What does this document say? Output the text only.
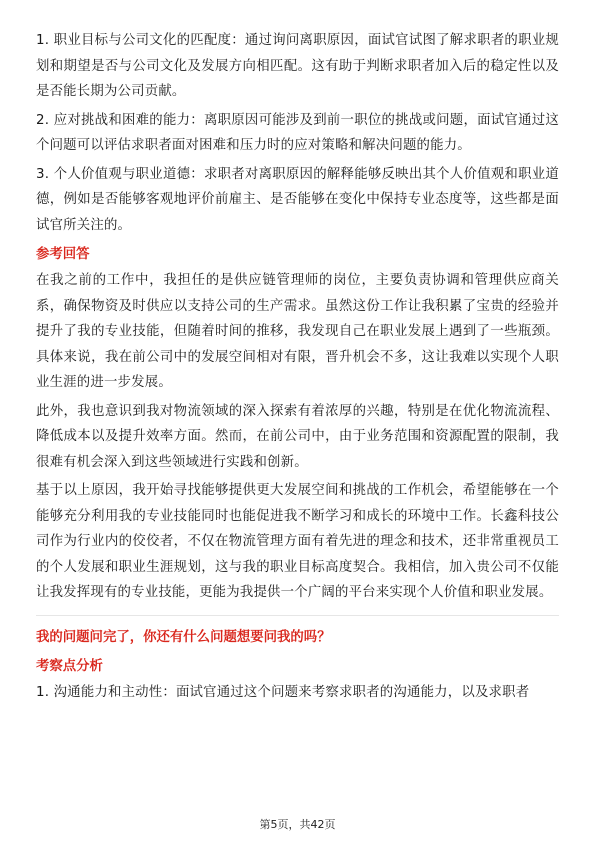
1. 职业目标与公司文化的匹配度：通过询问离职原因，面试官试图了解求职者的职业规划和期望是否与公司文化及发展方向相匹配。这有助于判断求职者加入后的稳定性以及是否能长期为公司贡献。

2. 应对挑战和困难的能力：离职原因可能涉及到前一职位的挑战或问题，面试官通过这个问题可以评估求职者面对困难和压力时的应对策略和解决问题的能力。

3. 个人价值观与职业道德：求职者对离职原因的解释能够反映出其个人价值观和职业道德，例如是否能够客观地评价前雇主、是否能够在变化中保持专业态度等，这些都是面试官所关注的。

参考回答

在我之前的工作中，我担任的是供应链管理师的岗位，主要负责协调和管理供应商关系，确保物资及时供应以支持公司的生产需求。虽然这份工作让我积累了宝贵的经验并提升了我的专业技能，但随着时间的推移，我发现自己在职业发展上遇到了一些瓶颈。具体来说，我在前公司中的发展空间相对有限，晋升机会不多，这让我难以实现个人职业生涯的进一步发展。

此外，我也意识到我对物流领域的深入探索有着浓厚的兴趣，特别是在优化物流流程、降低成本以及提升效率方面。然而，在前公司中，由于业务范围和资源配置的限制，我很难有机会深入到这些领域进行实践和创新。

基于以上原因，我开始寻找能够提供更大发展空间和挑战的工作机会，希望能够在一个能够充分利用我的专业技能同时也能促进我不断学习和成长的环境中工作。长鑫科技公司作为行业内的佼佼者，不仅在物流管理方面有着先进的理念和技术，还非常重视员工的个人发展和职业生涯规划，这与我的职业目标高度契合。我相信，加入贵公司不仅能让我发挥现有的专业技能，更能为我提供一个广阔的平台来实现个人价值和职业发展。

我的问题问完了，你还有什么问题想要问我的吗？
考察点分析

1. 沟通能力和主动性：面试官通过这个问题来考察求职者的沟通能力，以及求职者

第5页，共42页
